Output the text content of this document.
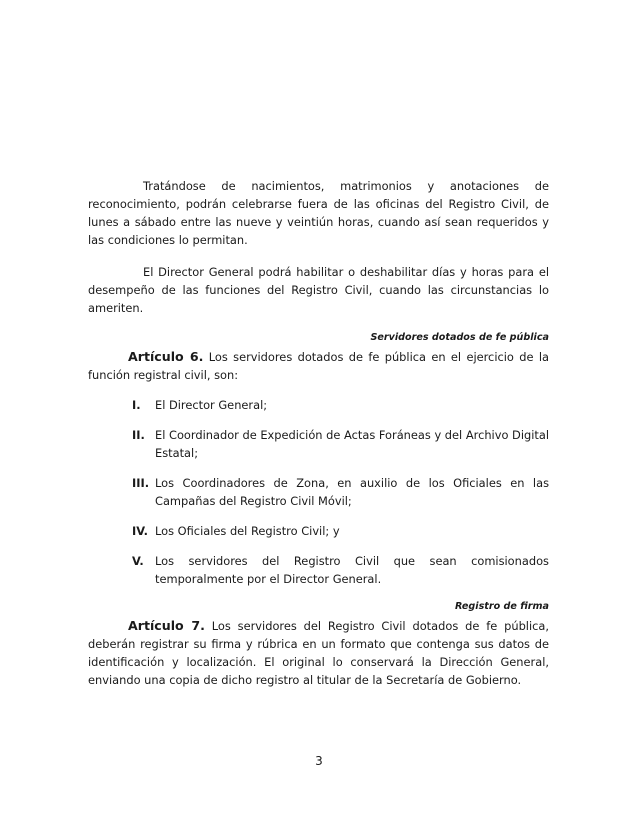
Tratándose de nacimientos, matrimonios y anotaciones de reconocimiento, podrán celebrarse fuera de las oficinas del Registro Civil, de lunes a sábado entre las nueve y veintiún horas, cuando así sean requeridos y las condiciones lo permitan.

El Director General podrá habilitar o deshabilitar días y horas para el desempeño de las funciones del Registro Civil, cuando las circunstancias lo ameriten.

Servidores dotados de fe pública

Artículo 6. Los servidores dotados de fe pública en el ejercicio de la función registral civil, son:

I. El Director General;
II. El Coordinador de Expedición de Actas Foráneas y del Archivo Digital Estatal;
III. Los Coordinadores de Zona, en auxilio de los Oficiales en las Campañas del Registro Civil Móvil;
IV. Los Oficiales del Registro Civil; y
V. Los servidores del Registro Civil que sean comisionados temporalmente por el Director General.
Registro de firma

Artículo 7. Los servidores del Registro Civil dotados de fe pública, deberán registrar su firma y rúbrica en un formato que contenga sus datos de identificación y localización. El original lo conservará la Dirección General, enviando una copia de dicho registro al titular de la Secretaría de Gobierno.

3
